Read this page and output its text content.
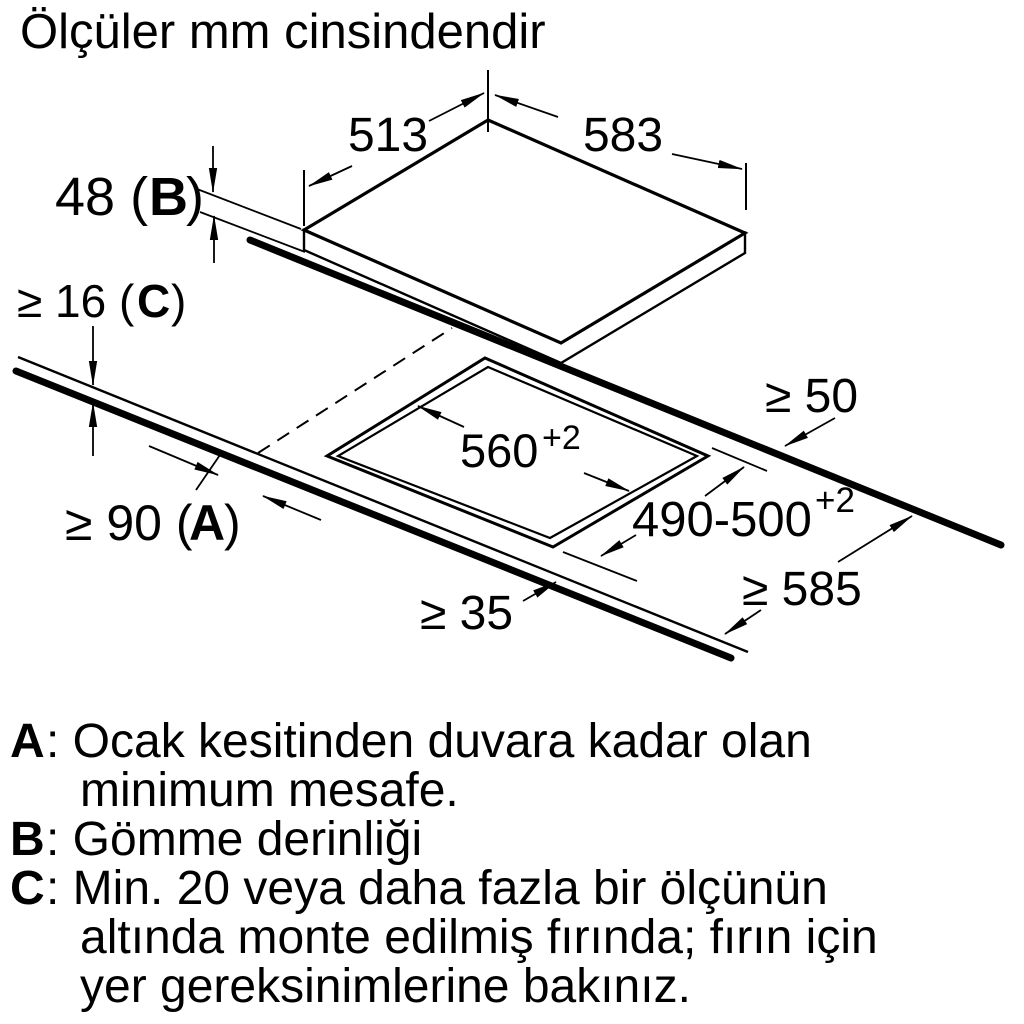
Ölçüler mm cinsindendir
513	583
48 ( B
)
≥ 16 ( C )
≥ 90 (
A
)
560 +2
490-500 +2
≥ 50
≥ 35	≥ 585
A : Ocak kesitinden duvara kadar olan
minimum mesafe.
B : Gömme derinliği
C : Min. 20 veya daha fazla bir ölçünün
altında monte edilmiş fırında; fırın için
yer gereksinimlerine bakınız.
